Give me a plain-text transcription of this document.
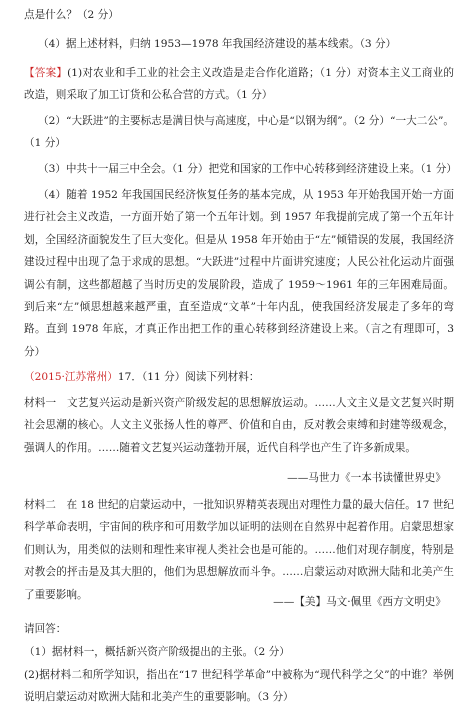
点是什么？（2 分）

（4）据上述材料，归纳 1953—1978 年我国经济建设的基本线索。（3 分）

【答案】(1)对农业和手工业的社会主义改造是走合作化道路；（1 分）对资本主义工商业的改造，则采取了加工订货和公私合营的方式。（1 分）

（2）“大跃进”的主要标志是满目快与高速度，中心是“以钢为纲”。（2 分）“一大二公”。（1 分）

（3）中共十一届三中全会。（1 分）把党和国家的工作中心转移到经济建设上来。（1 分）

（4）随着 1952 年我国国民经济恢复任务的基本完成，从 1953 年开始我国开始一方面进行社会主义改造，一方面开始了第一个五年计划。到 1957 年我提前完成了第一个五年计划，全国经济面貌发生了巨大变化。但是从 1958 年开始由于“左”倾错误的发展，我国经济建设过程中出现了急于求成的思想。“大跃进”过程中片面讲究速度；人民公社化运动片面强调公有制，这些都超越了当时历史的发展阶段，造成了 1959～1961 年的三年困难局面。到后来“左”倾思想越来越严重，直至造成“文革”十年内乱，使我国经济发展走了多年的弯路。直到 1978 年底，才真正作出把工作的重心转移到经济建设上来。（言之有理即可，3 分）

（2015·江苏常州）17．（11 分）阅读下列材料：

材料一　文艺复兴运动是新兴资产阶级发起的思想解放运动。……人文主义是文艺复兴时期社会思潮的核心。人文主义张扬人性的尊严、价值和自由，反对教会束缚和封建等级观念，强调人的作用。……随着文艺复兴运动蓬勃开展，近代自科学也产生了许多新成果。

——马世力《一本书读懂世界史》

材料二　在 18 世纪的启蒙运动中，一批知识界精英表现出对理性力量的最大信任。17 世纪科学革命表明，宇宙间的秩序和可用数学加以证明的法则在自然界中起着作用。启蒙思想家们则认为，用类似的法则和理性来审视人类社会也是可能的。……他们对现存制度，特别是对教会的抨击是及其大胆的，他们为思想解放而斗争。……启蒙运动对欧洲大陆和北美产生了重要影响。

——【美】马文·佩里《西方文明史》

请回答：

（1）据材料一，概括新兴资产阶级提出的主张。（2 分）

(2)据材料二和所学知识，指出在“17 世纪科学革命”中被称为“现代科学之父”的中谁？举例说明启蒙运动对欧洲大陆和北美产生的重要影响。（3 分）
